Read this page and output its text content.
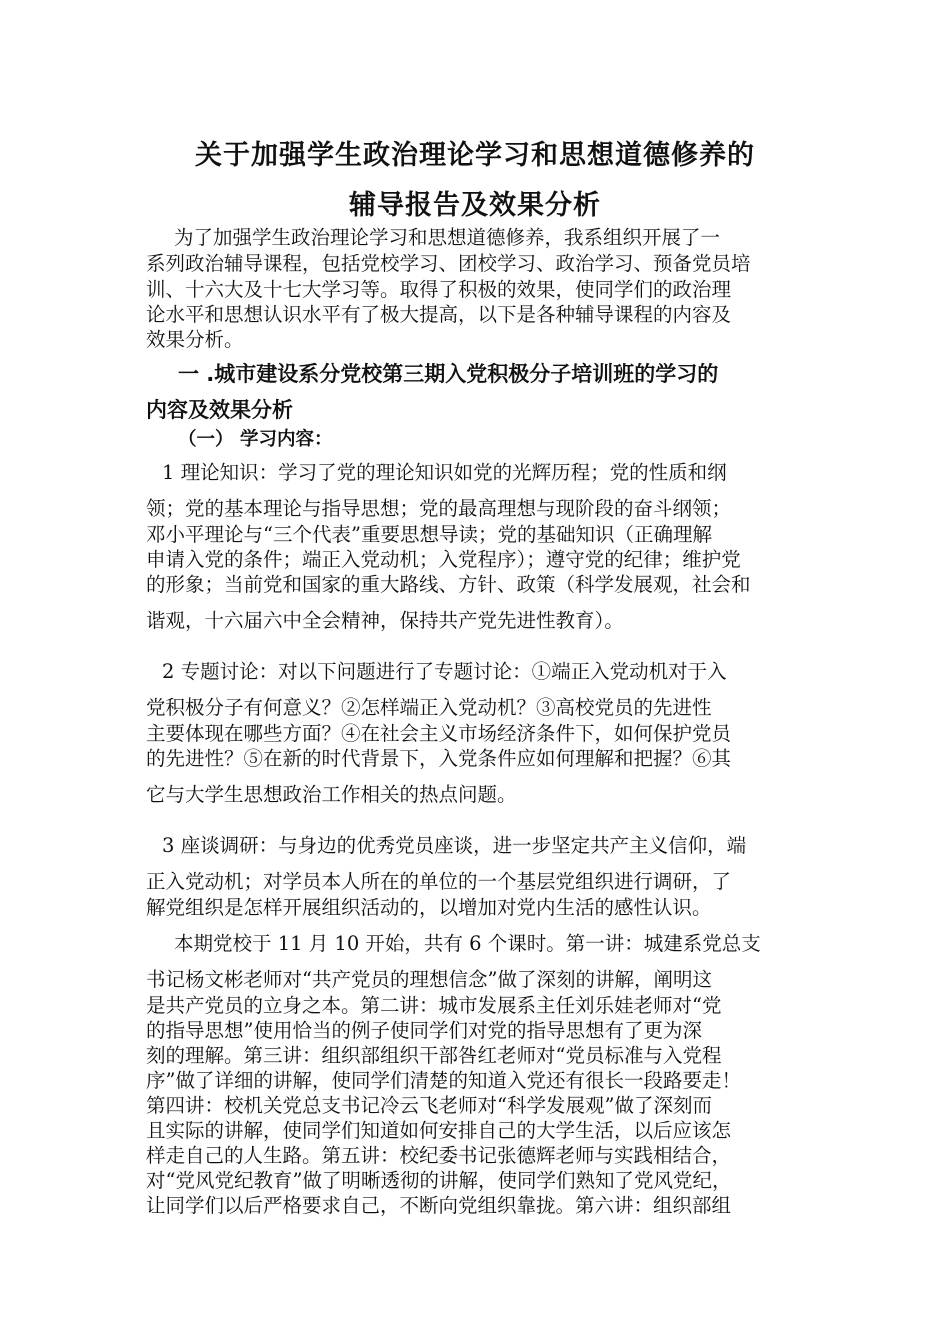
关于加强学生政治理论学习和思想道德修养的
辅导报告及效果分析
为了加强学生政治理论学习和思想道德修养，我系组织开展了一
系列政治辅导课程，包括党校学习、团校学习、政治学习、预备党员培
训、十六大及十七大学习等。取得了积极的效果，使同学们的政治理
论水平和思想认识水平有了极大提高，以下是各种辅导课程的内容及
效果分析。
一 .城市建设系分党校第三期入党积极分子培训班的学习的
内容及效果分析
（一） 学习内容：
1 理论知识：学习了党的理论知识如党的光辉历程；党的性质和纲
领；党的基本理论与指导思想；党的最高理想与现阶段的奋斗纲领；
邓小平理论与“三个代表”重要思想导读；党的基础知识（正确理解
申请入党的条件；端正入党动机；入党程序）；遵守党的纪律；维护党
的形象；当前党和国家的重大路线、方针、政策（科学发展观，社会和
谐观，十六届六中全会精神，保持共产党先进性教育）。
2 专题讨论：对以下问题进行了专题讨论：①端正入党动机对于入
党积极分子有何意义？②怎样端正入党动机？③高校党员的先进性
主要体现在哪些方面？④在社会主义市场经济条件下，如何保护党员
的先进性？⑤在新的时代背景下，入党条件应如何理解和把握？⑥其
它与大学生思想政治工作相关的热点问题。
3 座谈调研：与身边的优秀党员座谈，进一步坚定共产主义信仰，端
正入党动机；对学员本人所在的单位的一个基层党组织进行调研，了
解党组织是怎样开展组织活动的，以增加对党内生活的感性认识。
本期党校于 11 月 10 开始，共有 6 个课时。第一讲：城建系党总支
书记杨文彬老师对“共产党员的理想信念”做了深刻的讲解，阐明这
是共产党员的立身之本。第二讲：城市发展系主任刘乐娃老师对“党
的指导思想”使用恰当的例子使同学们对党的指导思想有了更为深
刻的理解。第三讲：组织部组织干部咎红老师对“党员标准与入党程
序”做了详细的讲解，使同学们清楚的知道入党还有很长一段路要走！
第四讲：校机关党总支书记冷云飞老师对“科学发展观”做了深刻而
且实际的讲解，使同学们知道如何安排自己的大学生活，以后应该怎
样走自己的人生路。第五讲：校纪委书记张德辉老师与实践相结合，
对“党风党纪教育”做了明晰透彻的讲解，使同学们熟知了党风党纪，
让同学们以后严格要求自己，不断向党组织靠拢。第六讲：组织部组
